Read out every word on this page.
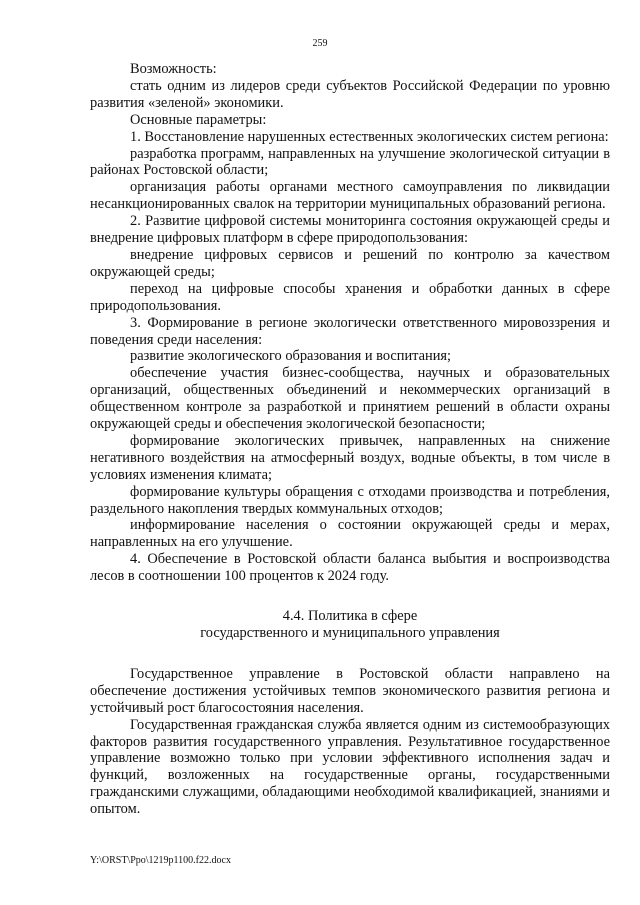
259

Возможность:

стать одним из лидеров среди субъектов Российской Федерации по уровню развития «зеленой» экономики.

Основные параметры:

1. Восстановление нарушенных естественных экологических систем региона:

разработка программ, направленных на улучшение экологической ситуации в районах Ростовской области;

организация работы органами местного самоуправления по ликвидации несанкционированных свалок на территории муниципальных образований региона.

2. Развитие цифровой системы мониторинга состояния окружающей среды и внедрение цифровых платформ в сфере природопользования:

внедрение цифровых сервисов и решений по контролю за качеством окружающей среды;

переход на цифровые способы хранения и обработки данных в сфере природопользования.

3. Формирование в регионе экологически ответственного мировоззрения и поведения среди населения:

развитие экологического образования и воспитания;

обеспечение участия бизнес-сообщества, научных и образовательных организаций, общественных объединений и некоммерческих организаций в общественном контроле за разработкой и принятием решений в области охраны окружающей среды и обеспечения экологической безопасности;

формирование экологических привычек, направленных на снижение негативного воздействия на атмосферный воздух, водные объекты, в том числе в условиях изменения климата;

формирование культуры обращения с отходами производства и потребления, раздельного накопления твердых коммунальных отходов;

информирование населения о состоянии окружающей среды и мерах, направленных на его улучшение.

4. Обеспечение в Ростовской области баланса выбытия и воспроизводства лесов в соотношении 100 процентов к 2024 году.

4.4. Политика в сфере
государственного и муниципального управления

Государственное управление в Ростовской области направлено на обеспечение достижения устойчивых темпов экономического развития региона и устойчивый рост благосостояния населения.

Государственная гражданская служба является одним из системообразующих факторов развития государственного управления. Результативное государственное управление возможно только при условии эффективного исполнения задач и функций, возложенных на государственные органы, государственными гражданскими служащими, обладающими необходимой квалификацией, знаниями и опытом.

Y:\ORST\Ppo\1219p1100.f22.docx
